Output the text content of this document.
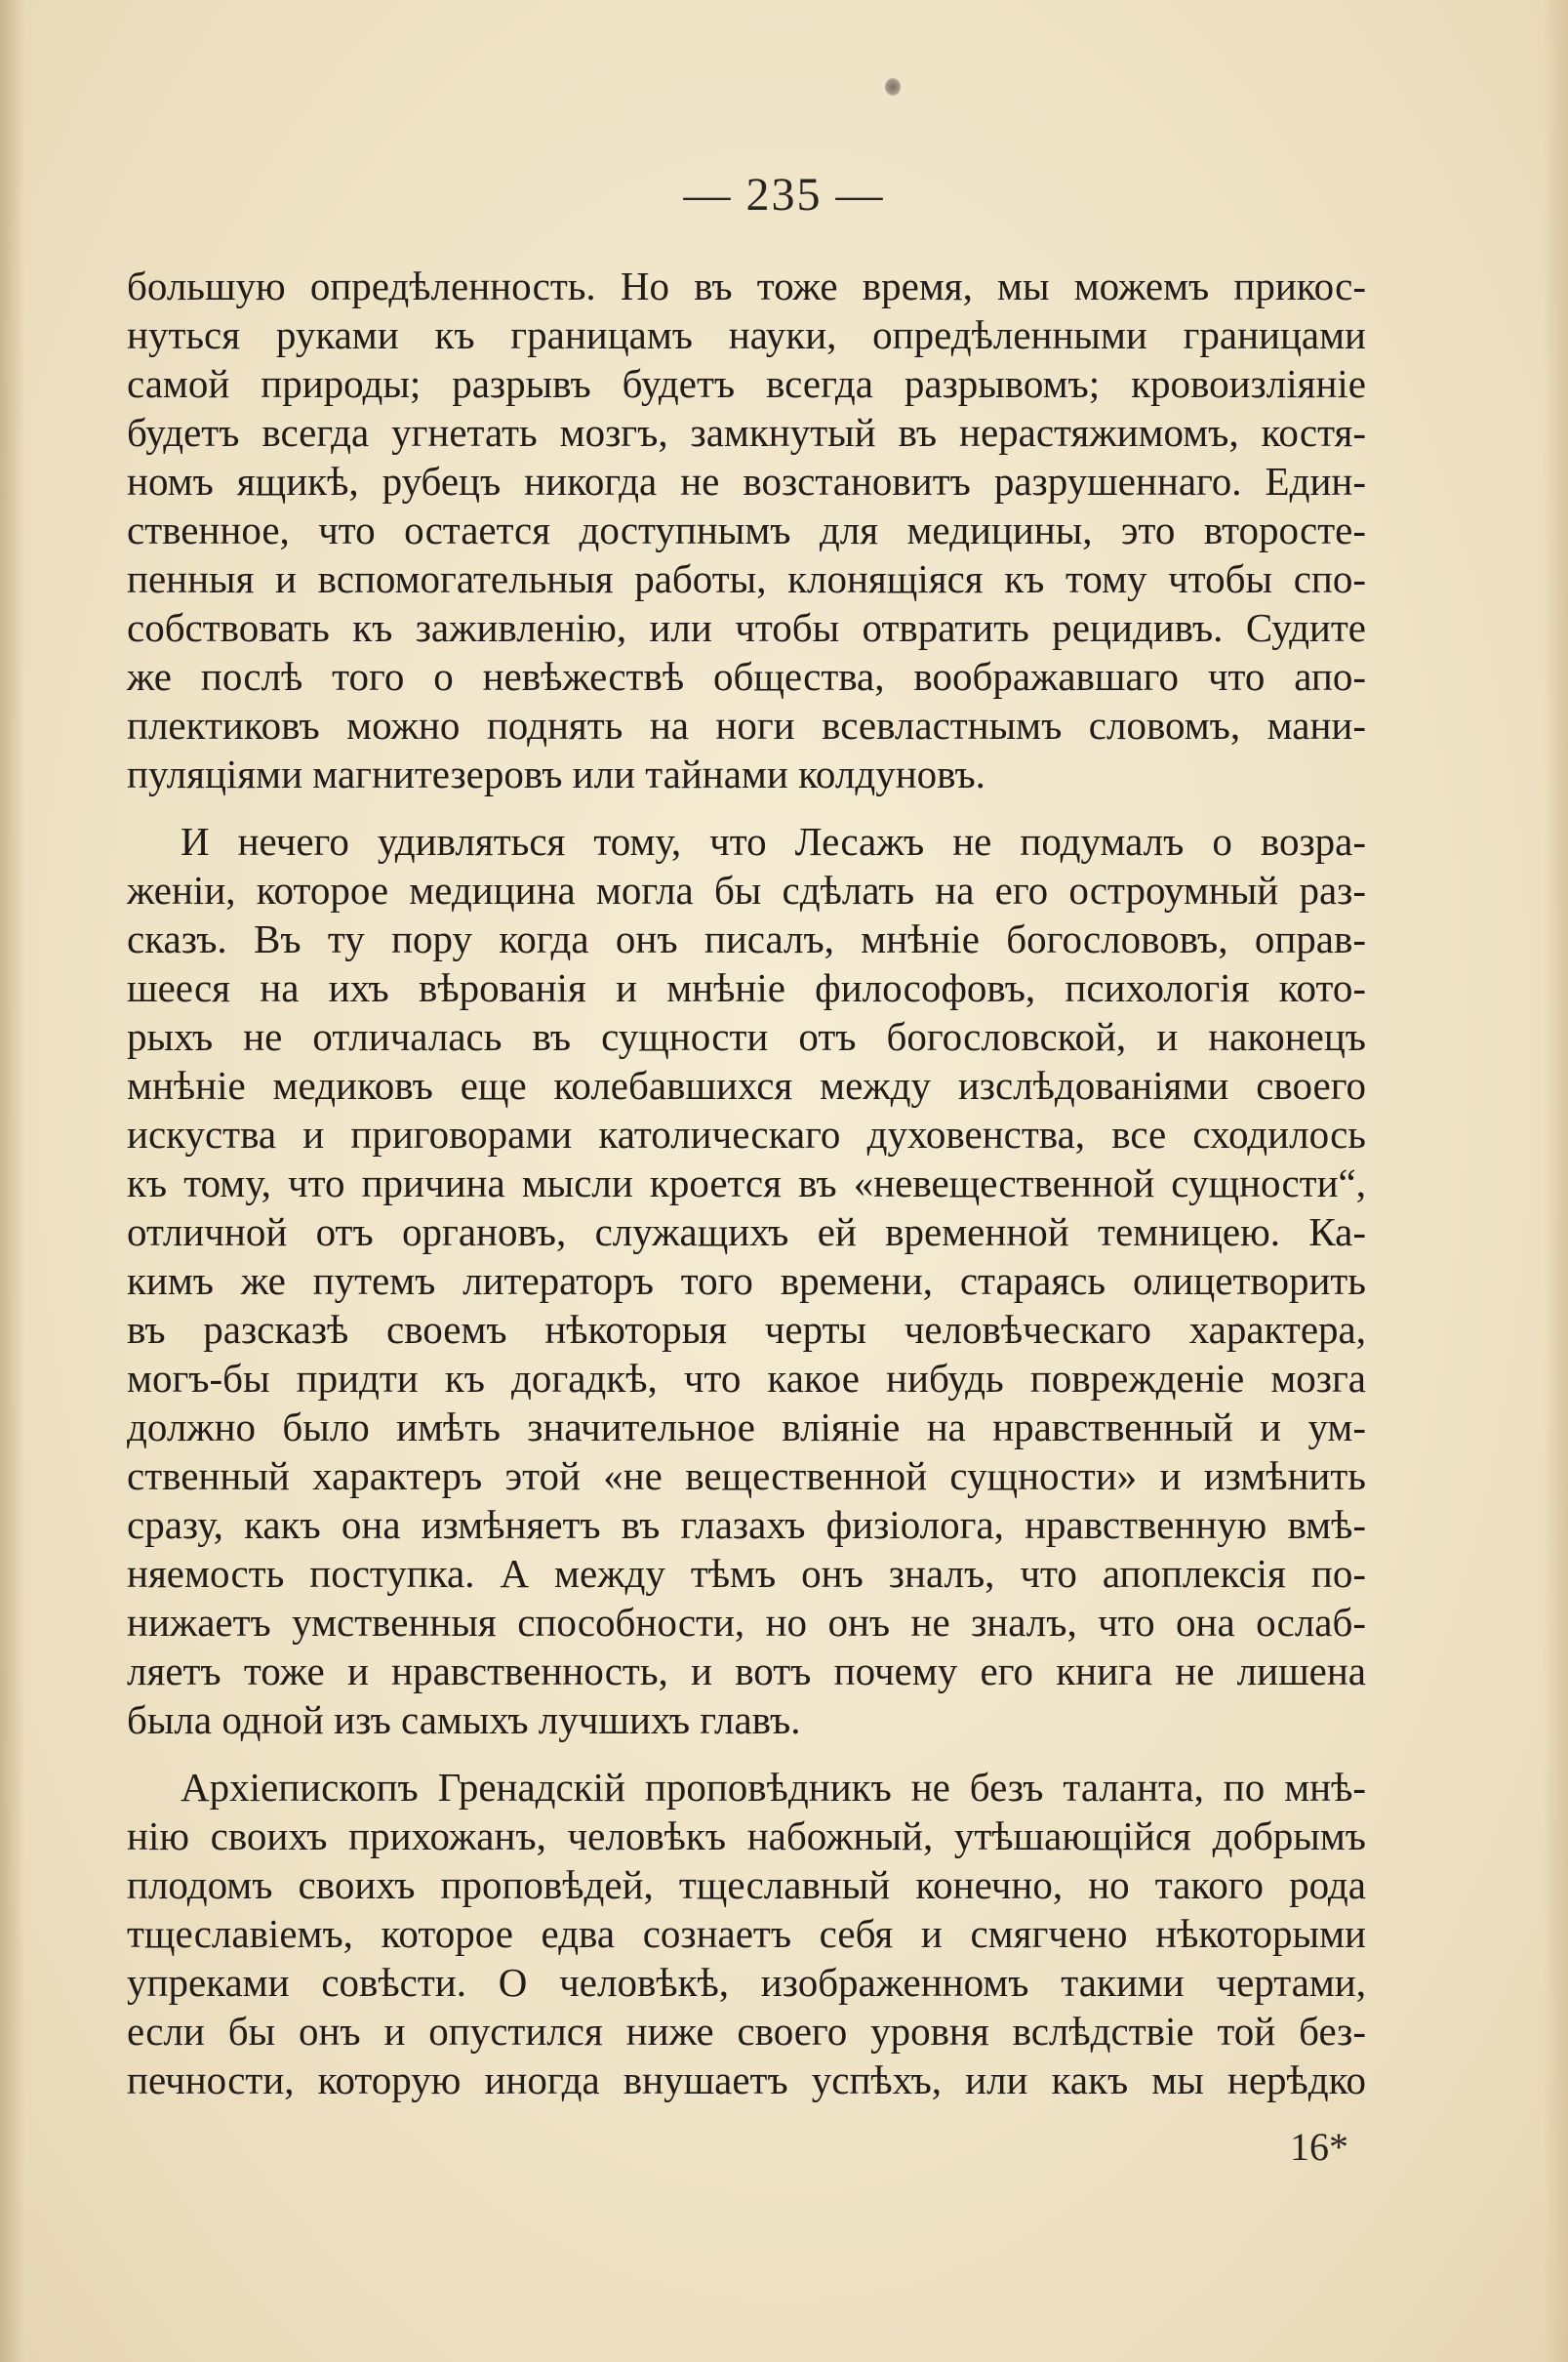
— 235 —
большую опредѣленность. Но въ тоже время, мы можемъ прикос-
нуться руками къ границамъ науки, опредѣленными границами
самой природы; разрывъ будетъ всегда разрывомъ; кровоизліяніе
будетъ всегда угнетать мозгъ, замкнутый въ нерастяжимомъ, костя-
номъ ящикѣ, рубецъ никогда не возстановитъ разрушеннаго. Един-
ственное, что остается доступнымъ для медицины, это второсте-
пенныя и вспомогательныя работы, клонящіяся къ тому чтобы спо-
собствовать къ заживленію, или чтобы отвратить рецидивъ. Судите
же послѣ того о невѣжествѣ общества, воображавшаго что апо-
плектиковъ можно поднять на ноги всевластнымъ словомъ, мани-
пуляціями магнитезеровъ или тайнами колдуновъ.
И нечего удивляться тому, что Лесажъ не подумалъ о возра-
женіи, которое медицина могла бы сдѣлать на его остроумный раз-
сказъ. Въ ту пору когда онъ писалъ, мнѣніе богослововъ, оправ-
шееся на ихъ вѣрованія и мнѣніе философовъ, психологія кото-
рыхъ не отличалась въ сущности отъ богословской, и наконецъ
мнѣніе медиковъ еще колебавшихся между изслѣдованіями своего
искуства и приговорами католическаго духовенства, все сходилось
къ тому, что причина мысли кроется въ «невещественной сущности“,
отличной отъ органовъ, служащихъ ей временной темницею. Ка-
кимъ же путемъ литераторъ того времени, стараясь олицетворить
въ разсказѣ своемъ нѣкоторыя черты человѣческаго характера,
могъ-бы придти къ догадкѣ, что какое нибудь поврежденіе мозга
должно было имѣть значительное вліяніе на нравственный и ум-
ственный характеръ этой «не вещественной сущности» и измѣнить
сразу, какъ она измѣняетъ въ глазахъ физіолога, нравственную вмѣ-
няемость поступка. А между тѣмъ онъ зналъ, что апоплексія по-
нижаетъ умственныя способности, но онъ не зналъ, что она ослаб-
ляетъ тоже и нравственность, и вотъ почему его книга не лишена
была одной изъ самыхъ лучшихъ главъ.
Архіепископъ Гренадскій проповѣдникъ не безъ таланта, по мнѣ-
нію своихъ прихожанъ, человѣкъ набожный, утѣшающійся добрымъ
плодомъ своихъ проповѣдей, тщеславный конечно, но такого рода
тщеславіемъ, которое едва сознаетъ себя и смягчено нѣкоторыми
упреками совѣсти. О человѣкѣ, изображенномъ такими чертами,
если бы онъ и опустился ниже своего уровня вслѣдствіе той без-
печности, которую иногда внушаетъ успѣхъ, или какъ мы нерѣдко
16*
